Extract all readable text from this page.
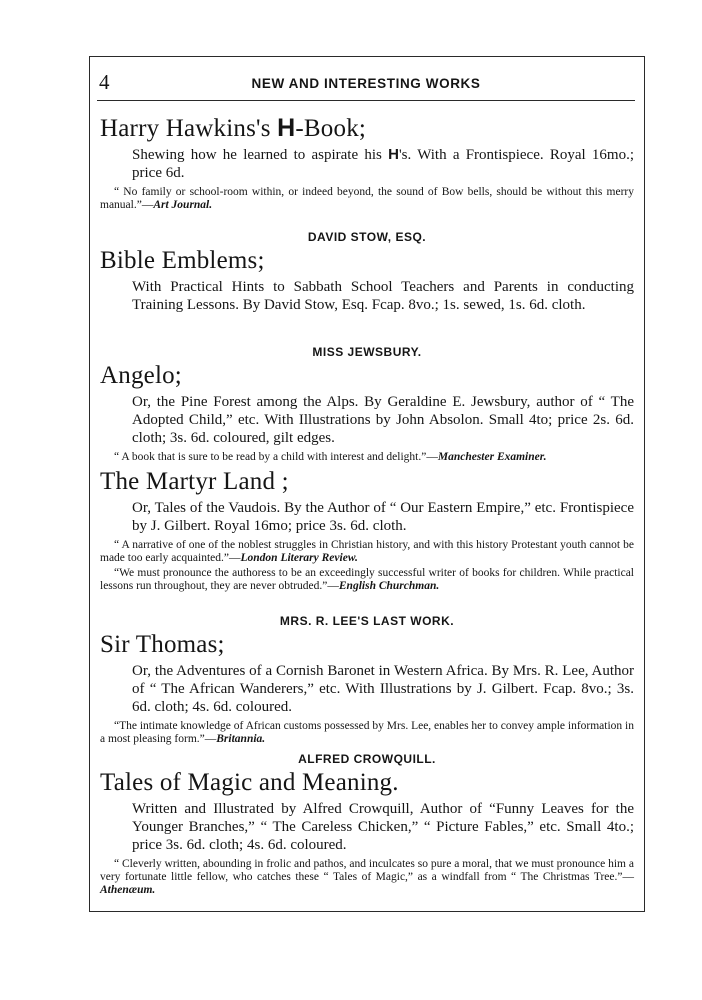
4	NEW AND INTERESTING WORKS

Harry Hawkins's H-Book;

Shewing how he learned to aspirate his H's. With a Frontispiece. Royal 16mo.; price 6d.

“ No family or school-room within, or indeed beyond, the sound of Bow bells, should be without this merry manual.”—Art Journal.

DAVID STOW, ESQ.

Bible Emblems;

With Practical Hints to Sabbath School Teachers and Parents in conducting Training Lessons. By David Stow, Esq. Fcap. 8vo.; 1s. sewed, 1s. 6d. cloth.

MISS JEWSBURY.

Angelo;

Or, the Pine Forest among the Alps. By Geraldine E. Jewsbury, author of “ The Adopted Child,” etc. With Illustrations by John Absolon. Small 4to; price 2s. 6d. cloth; 3s. 6d. coloured, gilt edges.

“ A book that is sure to be read by a child with interest and delight.”—Manchester Examiner.

The Martyr Land ;

Or, Tales of the Vaudois. By the Author of “ Our Eastern Empire,” etc. Frontispiece by J. Gilbert. Royal 16mo; price 3s. 6d. cloth.

“ A narrative of one of the noblest struggles in Christian history, and with this history Protestant youth cannot be made too early acquainted.”—London Literary Review.

“We must pronounce the authoress to be an exceedingly successful writer of books for children. While practical lessons run throughout, they are never obtruded.”—English Churchman.

MRS. R. LEE'S LAST WORK.

Sir Thomas;

Or, the Adventures of a Cornish Baronet in Western Africa. By Mrs. R. Lee, Author of “ The African Wanderers,” etc. With Illustrations by J. Gilbert. Fcap. 8vo.; 3s. 6d. cloth; 4s. 6d. coloured.

“The intimate knowledge of African customs possessed by Mrs. Lee, enables her to convey ample information in a most pleasing form.”—Britannia.

ALFRED CROWQUILL.

Tales of Magic and Meaning.

Written and Illustrated by Alfred Crowquill, Author of “Funny Leaves for the Younger Branches,” “ The Careless Chicken,” “ Picture Fables,” etc. Small 4to.; price 3s. 6d. cloth; 4s. 6d. coloured.

“ Cleverly written, abounding in frolic and pathos, and inculcates so pure a moral, that we must pronounce him a very fortunate little fellow, who catches these “ Tales of Magic,” as a windfall from “ The Christmas Tree.”—Athenæum.
